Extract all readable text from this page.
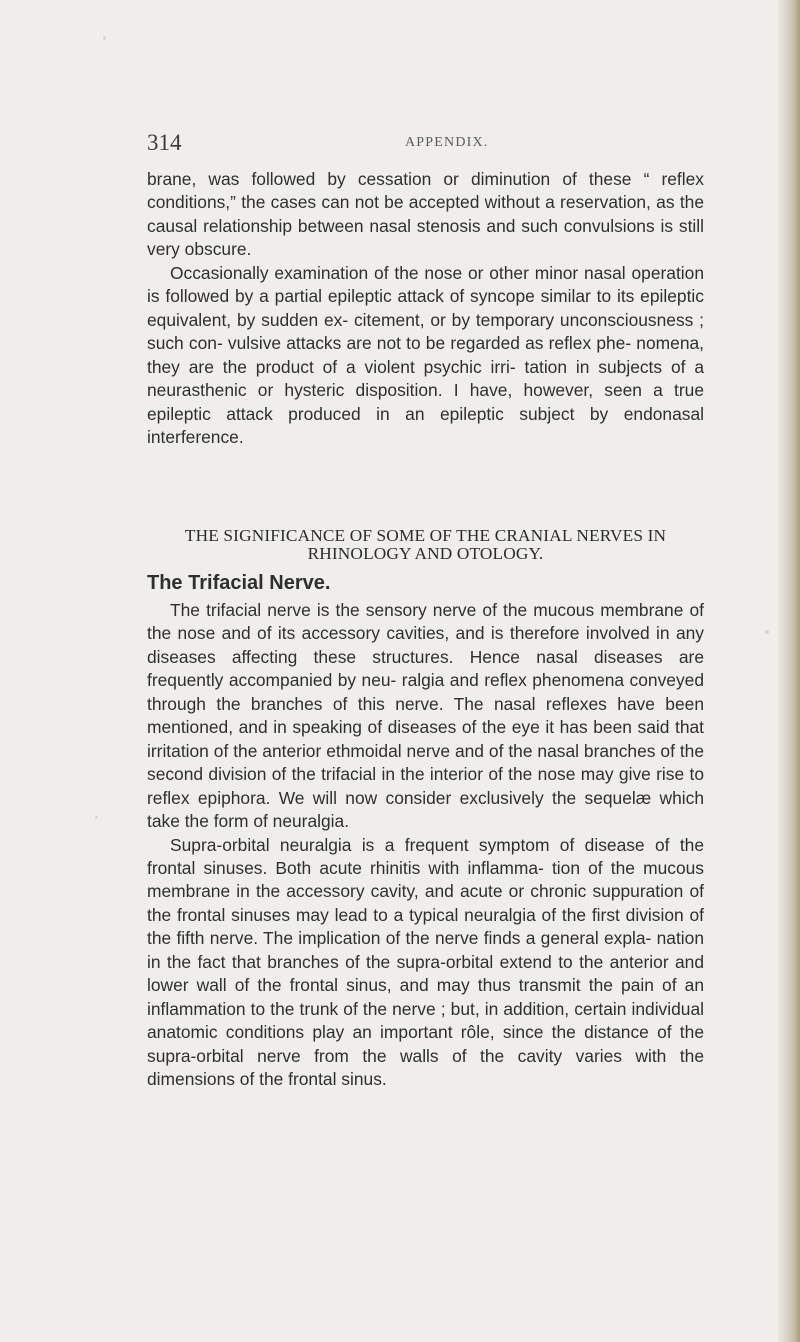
314	APPENDIX.
brane, was followed by cessation or diminution of these “ reflex conditions,” the cases can not be accepted without a reservation, as the causal relationship between nasal stenosis and such convulsions is still very obscure.
Occasionally examination of the nose or other minor nasal operation is followed by a partial epileptic attack of syncope similar to its epileptic equivalent, by sudden ex- citement, or by temporary unconsciousness ; such con- vulsive attacks are not to be regarded as reflex phe- nomena, they are the product of a violent psychic irri- tation in subjects of a neurasthenic or hysteric disposition. I have, however, seen a true epileptic attack produced in an epileptic subject by endonasal interference.
THE SIGNIFICANCE OF SOME OF THE CRANIAL NERVES IN RHINOLOGY AND OTOLOGY.
The Trifacial Nerve.
The trifacial nerve is the sensory nerve of the mucous membrane of the nose and of its accessory cavities, and is therefore involved in any diseases affecting these structures. Hence nasal diseases are frequently accompanied by neu- ralgia and reflex phenomena conveyed through the branches of this nerve. The nasal reflexes have been mentioned, and in speaking of diseases of the eye it has been said that irritation of the anterior ethmoidal nerve and of the nasal branches of the second division of the trifacial in the interior of the nose may give rise to reflex epiphora. We will now consider exclusively the sequelæ which take the form of neuralgia.
Supra-orbital neuralgia is a frequent symptom of disease of the frontal sinuses. Both acute rhinitis with inflamma- tion of the mucous membrane in the accessory cavity, and acute or chronic suppuration of the frontal sinuses may lead to a typical neuralgia of the first division of the fifth nerve. The implication of the nerve finds a general expla- nation in the fact that branches of the supra-orbital extend to the anterior and lower wall of the frontal sinus, and may thus transmit the pain of an inflammation to the trunk of the nerve ; but, in addition, certain individual anatomic conditions play an important rôle, since the distance of the supra-orbital nerve from the walls of the cavity varies with the dimensions of the frontal sinus.
